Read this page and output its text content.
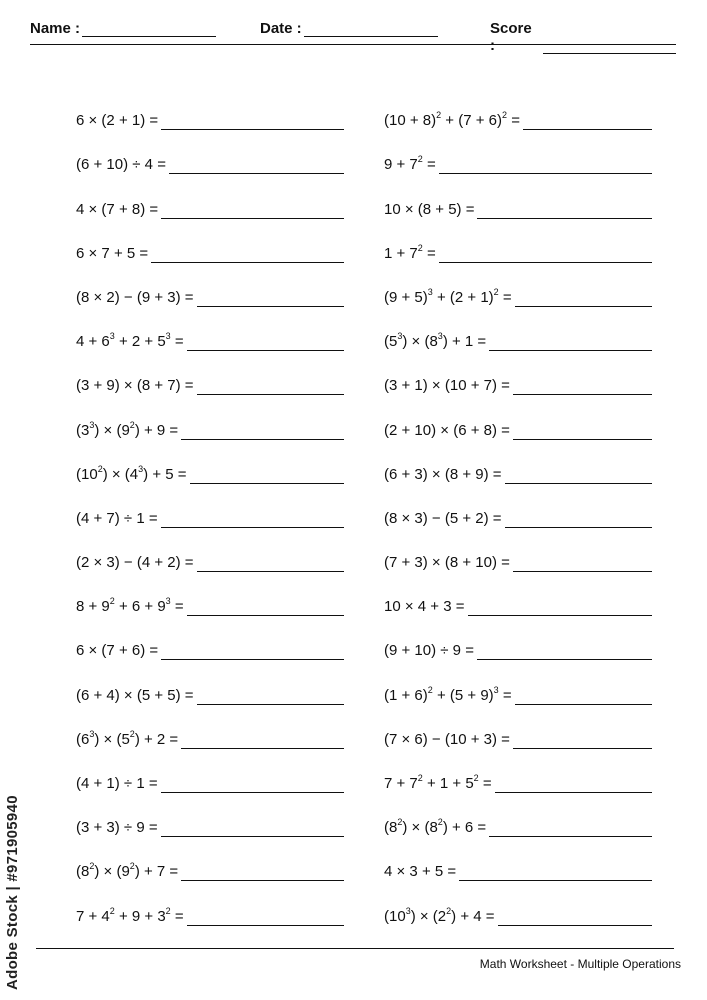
Name :	Date :	Score :
6 × (2 + 1) =
(6 + 10) ÷ 4 =
4 × (7 + 8) =
6 × 7 + 5 =
(8 × 2) − (9 + 3) =
$4 + 6^3 + 2 + 5^3$ =
(3 + 9) × (8 + 7) =
$(3^3) \times (9^2) + 9$ =
$(10^2) \times (4^3) + 5$ =
(4 + 7) ÷ 1 =
(2 × 3) − (4 + 2) =
$8 + 9^2 + 6 + 9^3$ =
6 × (7 + 6) =
(6 + 4) × (5 + 5) =
$(6^3) \times (5^2) + 2$ =
(4 + 1) ÷ 1 =
(3 + 3) ÷ 9 =
$(8^2) \times (9^2) + 7$ =
$7 + 4^2 + 9 + 3^2$ =
$(10 + 8)^2 + (7 + 6)^2$ =
$9 + 7^2$ =
10 × (8 + 5) =
$1 + 7^2$ =
$(9 + 5)^3 + (2 + 1)^2$ =
$(5^3) \times (8^3) + 1$ =
(3 + 1) × (10 + 7) =
(2 + 10) × (6 + 8) =
(6 + 3) × (8 + 9) =
(8 × 3) − (5 + 2) =
(7 + 3) × (8 + 10) =
10 × 4 + 3 =
(9 + 10) ÷ 9 =
$(1 + 6)^2 + (5 + 9)^3$ =
(7 × 6) − (10 + 3) =
$7 + 7^2 + 1 + 5^2$ =
$(8^2) \times (8^2) + 6$ =
4 × 3 + 5 =
$(10^3) \times (2^2) + 4$ =
Math Worksheet - Multiple Operations
Adobe Stock | #971905940
